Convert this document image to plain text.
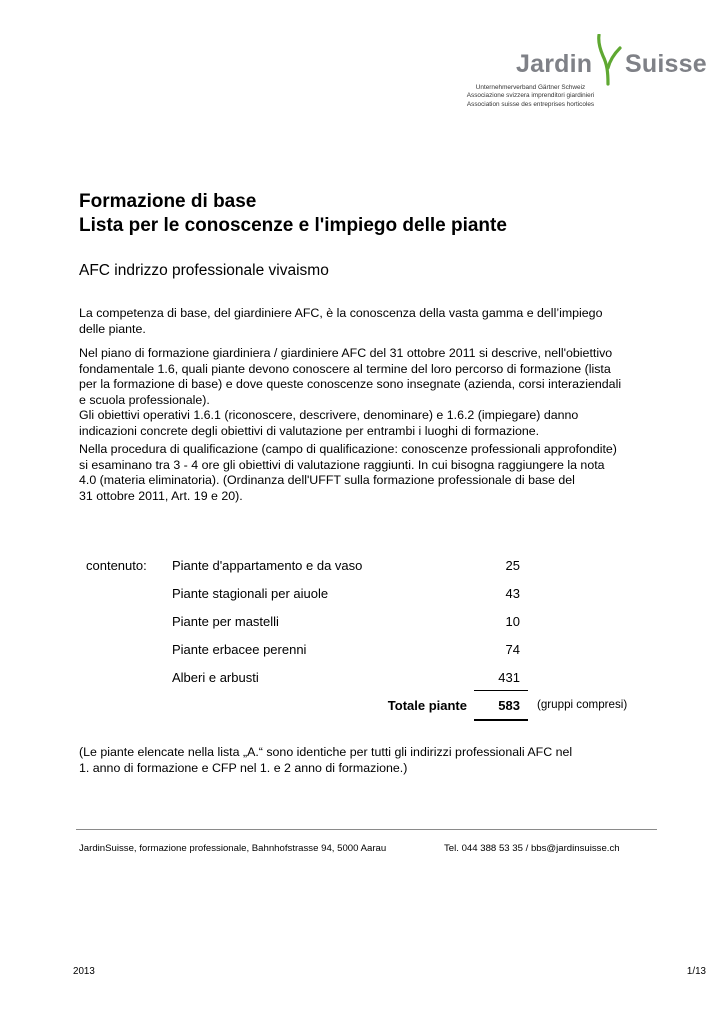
Jardin Suisse
Unternehmerverband Gärtner Schweiz
Associazione svizzera imprenditori giardinieri
Association suisse des entreprises horticoles
Formazione di base
Lista per le conoscenze e l'impiego delle piante
AFC indrizzo professionale vivaismo
La competenza di base, del giardiniere AFC, è la conoscenza della vasta gamma e dell’impiego
delle piante.
Nel piano di formazione giardiniera / giardiniere AFC del 31 ottobre 2011 si descrive, nell'obiettivo
fondamentale 1.6, quali piante devono conoscere al termine del loro percorso di formazione (lista
per la formazione di base) e dove queste conoscenze sono insegnate (azienda, corsi interaziendali
e scuola professionale).
Gli obiettivi operativi 1.6.1 (riconoscere, descrivere, denominare) e 1.6.2 (impiegare) danno
indicazioni concrete degli obiettivi di valutazione per entrambi i luoghi di formazione.
Nella procedura di qualificazione (campo di qualificazione: conoscenze professionali approfondite)
si esaminano tra 3 - 4 ore gli obiettivi di valutazione raggiunti. In cui bisogna raggiungere la nota
4.0 (materia eliminatoria). (Ordinanza dell'UFFT sulla formazione professionale di base del
31 ottobre 2011, Art. 19 e 20).
contenuto: Piante d'appartamento e da vaso	25
Piante stagionali per aiuole	43
Piante per mastelli	10
Piante erbacee perenni	74
Alberi e arbusti	431
Totale piante	583 (gruppi compresi)
(Le piante elencate nella lista „A.“ sono identiche per tutti gli indirizzi professionali AFC nel
1. anno di formazione e CFP nel 1. e 2 anno di formazione.)
JardinSuisse, formazione professionale, Bahnhofstrasse 94, 5000 Aarau	Tel. 044 388 53 35 / bbs@jardinsuisse.ch
2013	1/13
